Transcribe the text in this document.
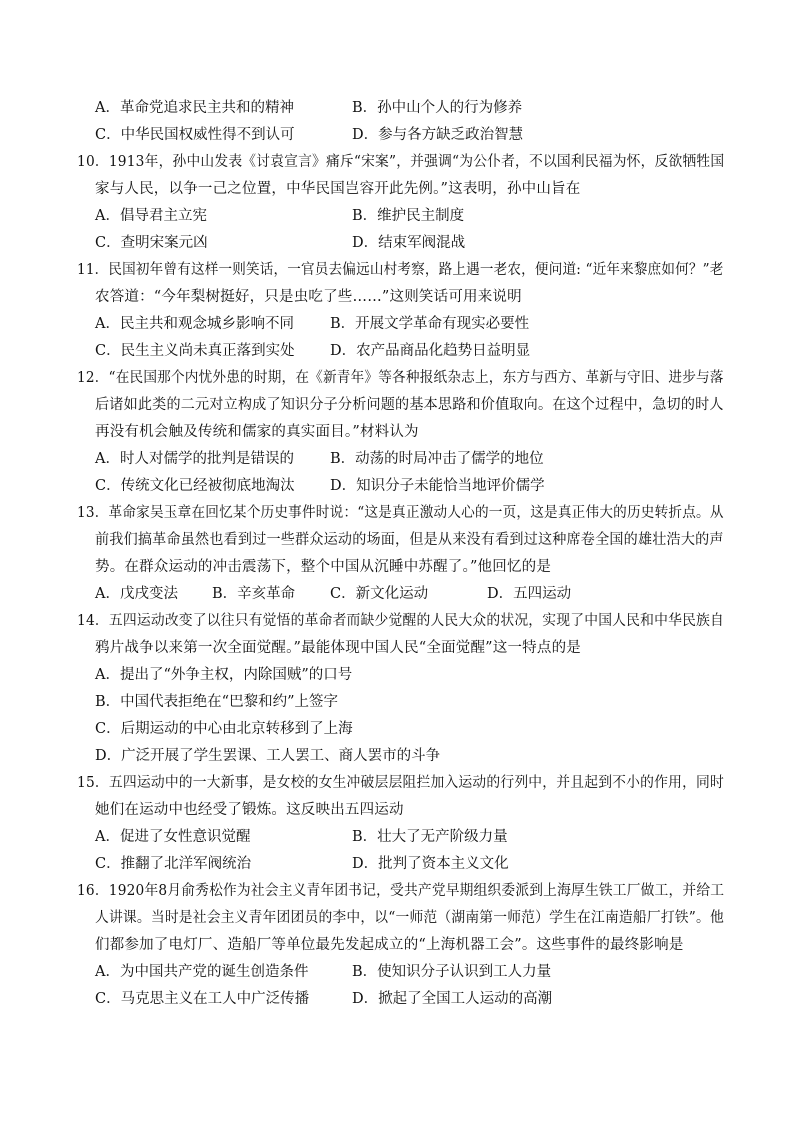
A．革命党追求民主共和的精神	B．孙中山个人的行为修养
C．中华民国权威性得不到认可	D．参与各方缺乏政治智慧
10．1913年，孙中山发表《讨袁宣言》痛斥“宋案”，并强调“为公仆者，不以国利民福为怀，反欲牺牲国
家与人民，以争一己之位置，中华民国岂容开此先例。”这表明，孙中山旨在
A．倡导君主立宪	B．维护民主制度
C．查明宋案元凶	D．结束军阀混战
11．民国初年曾有这样一则笑话，一官员去偏远山村考察，路上遇一老农，便问道: “近年来黎庶如何？”老
农答道：“今年梨树挺好，只是虫吃了些……”这则笑话可用来说明
A．民主共和观念城乡影响不同 B．开展文学革命有现实必要性
C．民生主义尚未真正落到实处 D．农产品商品化趋势日益明显
12．“在民国那个内忧外患的时期，在《新青年》等各种报纸杂志上，东方与西方、革新与守旧、进步与落
后诸如此类的二元对立构成了知识分子分析问题的基本思路和价值取向。在这个过程中，急切的时人
再没有机会触及传统和儒家的真实面目。”材料认为
A．时人对儒学的批判是错误的 B．动荡的时局冲击了儒学的地位
C．传统文化已经被彻底地淘汰 D．知识分子未能恰当地评价儒学
13．革命家吴玉章在回忆某个历史事件时说：“这是真正激动人心的一页，这是真正伟大的历史转折点。从
前我们搞革命虽然也看到过一些群众运动的场面，但是从来没有看到过这种席卷全国的雄壮浩大的声
势。在群众运动的冲击震荡下，整个中国从沉睡中苏醒了。”他回忆的是
A．戊戌变法 B．辛亥革命 C．新文化运动	D．五四运动
14．五四运动改变了以往只有觉悟的革命者而缺少觉醒的人民大众的状况，实现了中国人民和中华民族自
鸦片战争以来第一次全面觉醒。”最能体现中国人民“全面觉醒”这一特点的是
A．提出了“外争主权，内除国贼”的口号
B．中国代表拒绝在“巴黎和约”上签字
C．后期运动的中心由北京转移到了上海
D．广泛开展了学生罢课、工人罢工、商人罢市的斗争
15．五四运动中的一大新事，是女校的女生冲破层层阻拦加入运动的行列中，并且起到不小的作用，同时
她们在运动中也经受了锻炼。这反映出五四运动
A．促进了女性意识觉醒	B．壮大了无产阶级力量
C．推翻了北洋军阀统治	D．批判了资本主义文化
16．1920年8月俞秀松作为社会主义青年团书记，受共产党早期组织委派到上海厚生铁工厂做工，并给工
人讲课。当时是社会主义青年团团员的李中，以“一师范（湖南第一师范）学生在江南造船厂打铁”。他
们都参加了电灯厂、造船厂等单位最先发起成立的“上海机器工会”。这些事件的最终影响是
A．为中国共产党的诞生创造条件	B．使知识分子认识到工人力量
C．马克思主义在工人中广泛传播	D．掀起了全国工人运动的高潮
